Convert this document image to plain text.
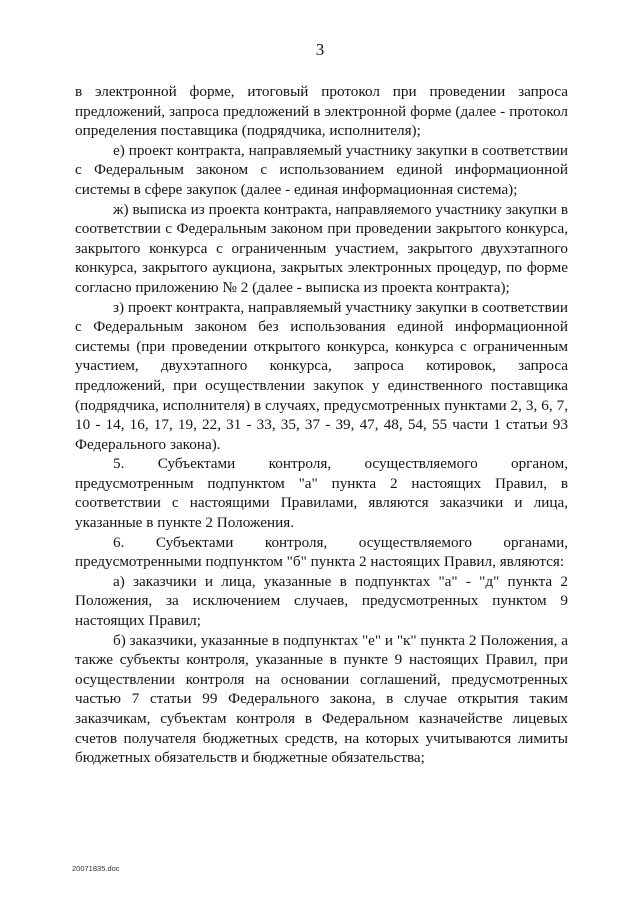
3

в электронной форме, итоговый протокол при проведении запроса предложений, запроса предложений в электронной форме (далее - протокол определения поставщика (подрядчика, исполнителя);

е) проект контракта, направляемый участнику закупки в соответствии с Федеральным законом с использованием единой информационной системы в сфере закупок (далее - единая информационная система);

ж) выписка из проекта контракта, направляемого участнику закупки в соответствии с Федеральным законом при проведении закрытого конкурса, закрытого конкурса с ограниченным участием, закрытого двухэтапного конкурса, закрытого аукциона, закрытых электронных процедур, по форме согласно приложению № 2 (далее - выписка из проекта контракта);

з) проект контракта, направляемый участнику закупки в соответствии с Федеральным законом без использования единой информационной системы (при проведении открытого конкурса, конкурса с ограниченным участием, двухэтапного конкурса, запроса котировок, запроса предложений, при осуществлении закупок у единственного поставщика (подрядчика, исполнителя) в случаях, предусмотренных пунктами 2, 3, 6, 7, 10 - 14, 16, 17, 19, 22, 31 - 33, 35, 37 - 39, 47, 48, 54, 55 части 1 статьи 93 Федерального закона).

5. Субъектами контроля, осуществляемого органом, предусмотренным подпунктом "а" пункта 2 настоящих Правил, в соответствии с настоящими Правилами, являются заказчики и лица, указанные в пункте 2 Положения.

6. Субъектами контроля, осуществляемого органами, предусмотренными подпунктом "б" пункта 2 настоящих Правил, являются:

а) заказчики и лица, указанные в подпунктах "а" - "д" пункта 2 Положения, за исключением случаев, предусмотренных пунктом 9 настоящих Правил;

б) заказчики, указанные в подпунктах "е" и "к" пункта 2 Положения, а также субъекты контроля, указанные в пункте 9 настоящих Правил, при осуществлении контроля на основании соглашений, предусмотренных частью 7 статьи 99 Федерального закона, в случае открытия таким заказчикам, субъектам контроля в Федеральном казначействе лицевых счетов получателя бюджетных средств, на которых учитываются лимиты бюджетных обязательств и бюджетные обязательства;

20071835.doc
